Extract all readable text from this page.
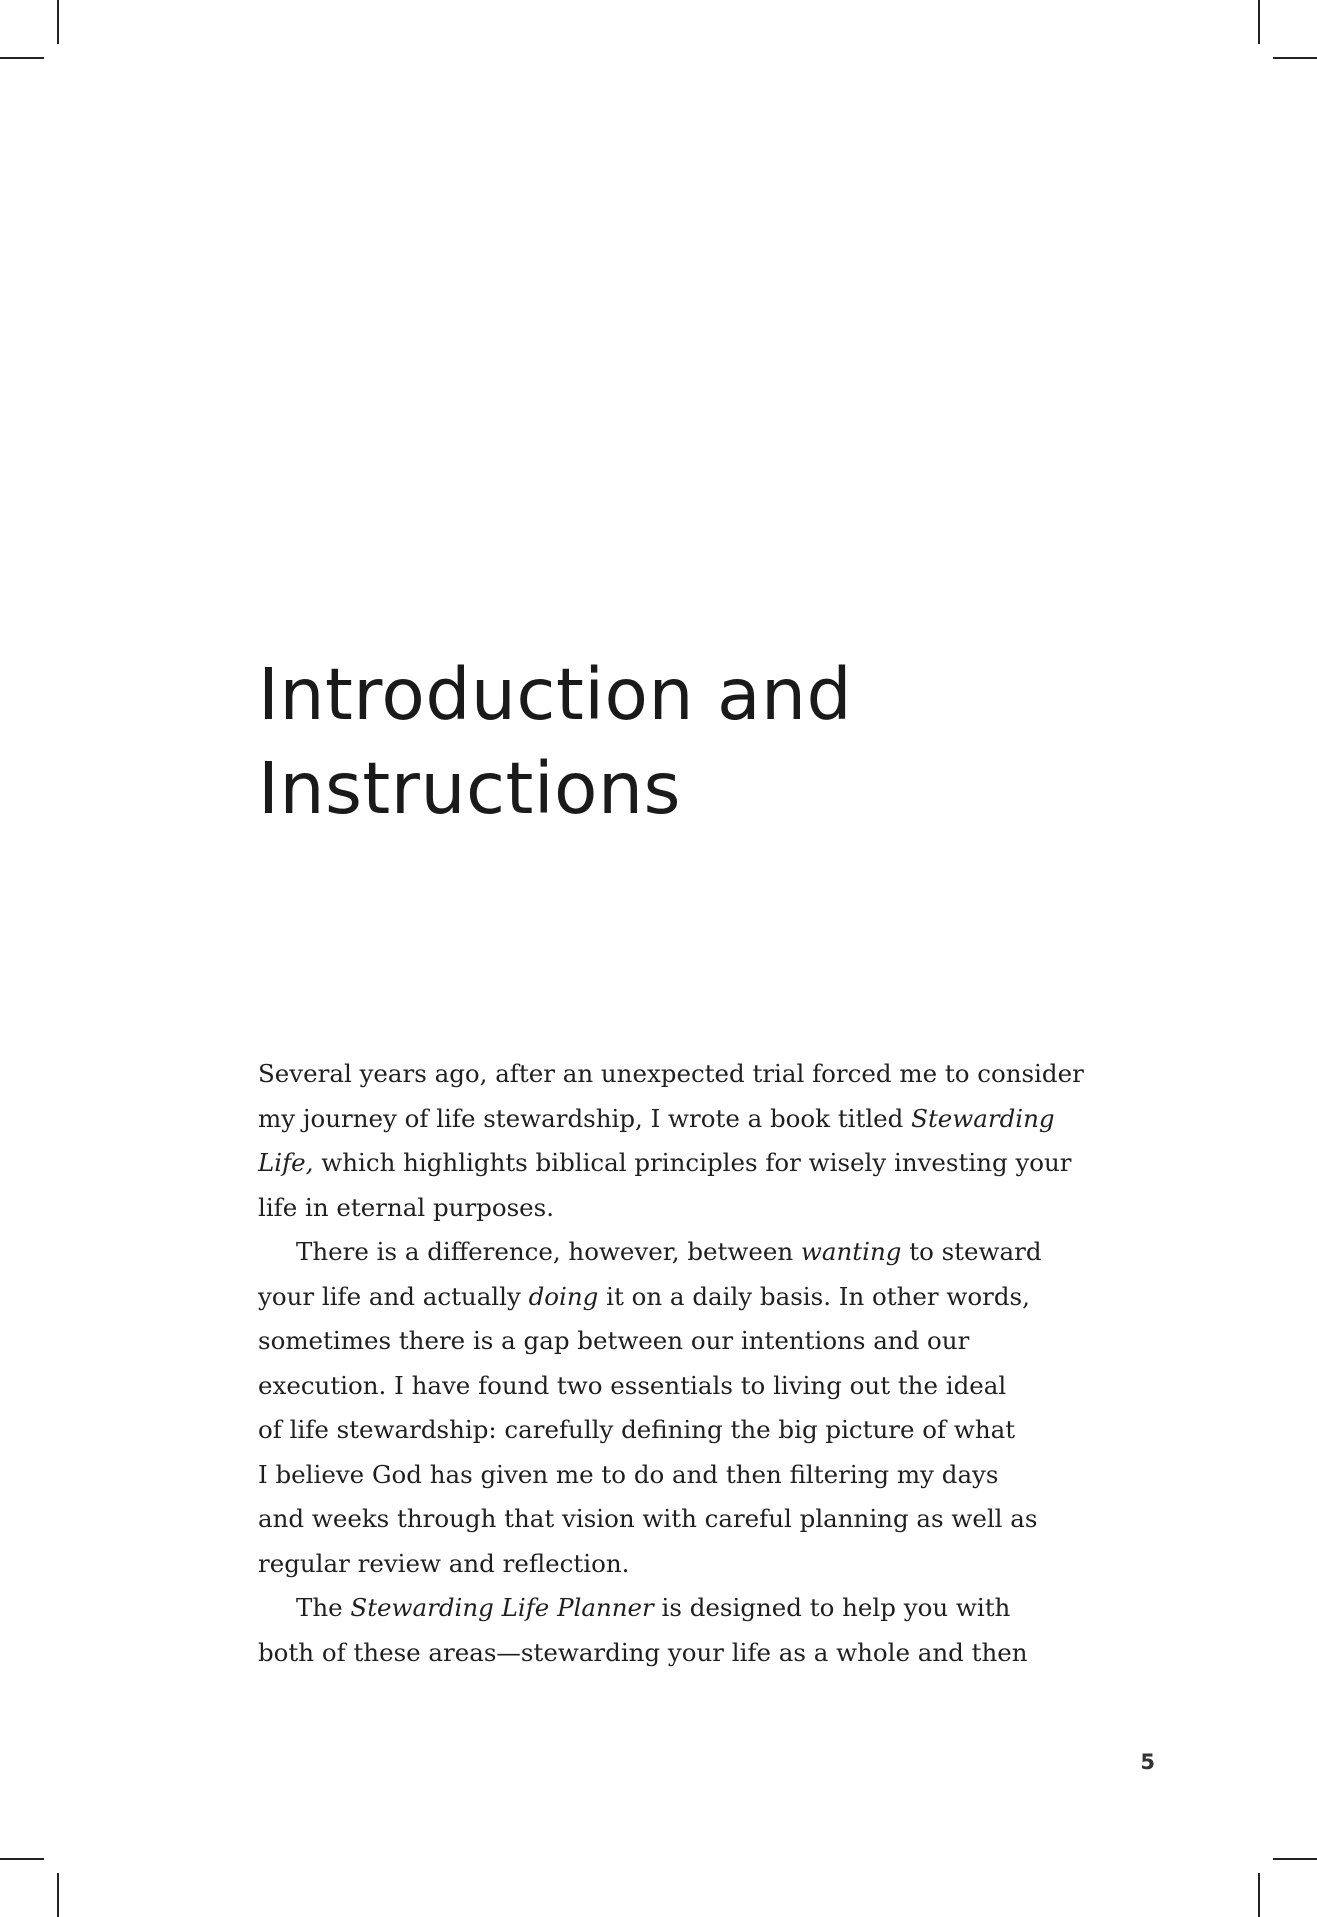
Introduction and
Instructions
Several years ago, after an unexpected trial forced me to consider
my journey of life stewardship, I wrote a book titled Stewarding
Life, which highlights biblical principles for wisely investing your
life in eternal purposes.
There is a difference, however, between wanting to steward
your life and actually doing it on a daily basis. In other words,
sometimes there is a gap between our intentions and our
execution. I have found two essentials to living out the ideal
of life stewardship: carefully defining the big picture of what
I believe God has given me to do and then filtering my days
and weeks through that vision with careful planning as well as
regular review and reflection.
The Stewarding Life Planner is designed to help you with
both of these areas—stewarding your life as a whole and then
5
